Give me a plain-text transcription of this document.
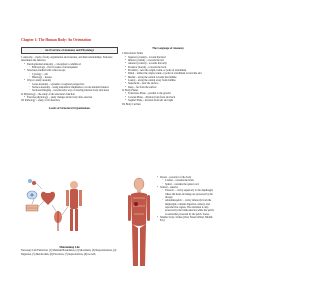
Chapter 1: The Human Body: An Orientation
An Overview of Anatomy and Physiology
I. Anatomy – study of body organization and structure, and their relationships. Structure determines the function
▪ Developmental Anatomy – conception to adulthood
◦ Embryology – first 8 weeks of development
▪ Structures studied with a microscope
◦ Cytology – cell
◦ Histology – tissues
▪ Ways to study anatomy
◦ Gross Anatomy – systemic or regional perspective
◦ Surface Anatomy – using anatomical landmarks to locate internal features
◦ Sectional Imaging – non-invasive way of viewing internal body structures
II. Physiology – the study of the structure's function
▪ Exercise physiology – study changes in the body after exercise
III. Pathology – study of all disorders
Levels of Structural Organizations
Maintaining Life
Necessary Life Functions: (1) Maintain Boundaries, (2) Movement, (3) Responsiveness, (4) Digestion, (5) Metabolism, (6) Excretion, (7) Reproduction, (8) Growth
The Language of Anatomy
I. Directional Terms
▪ Superior (cranial) – toward the head
▪ Inferior (caudal) – towards the tail
▪ Anterior (ventral) – towards the belly
▪ Posterior (dorsal) – towards the back
▪ Proximal – near the origin, trunk, or point of attachment
▪ Distal – farther the origin, trunk, or point of attachment toward the end
▪ Medial – along the central towards the midline
▪ Lateral – along the central away from midline
▪ Superficial – near the surface
▪ Deep – far from the surface
II. Body Planes
▪ Transverse Plane – parallel to the ground
▪ Coronal Plane – division from front and back
▪ Sagittal Plane – division from left and right
III. Body Cavities
▪ Dorsal – posterior of the body
◦ Cranial – contains the brain
◦ Spinal – contains the spinal cord
▪ Ventral – anterior
◦ Thoracic – cavity superiorly to the diaphragm; where the heart and lungs are protected by the ribcage
◦ Abdominopelvic – cavity inferiorly from the diaphragm; contains digestive, urinary, and reproductive organs. The abdomen is only protected by the trunk muscles while the pelvis is somewhat protected by the pelvic bones.
▪ Smaller body cavities (Oral, Nasal Orbital, Middle Ear)
